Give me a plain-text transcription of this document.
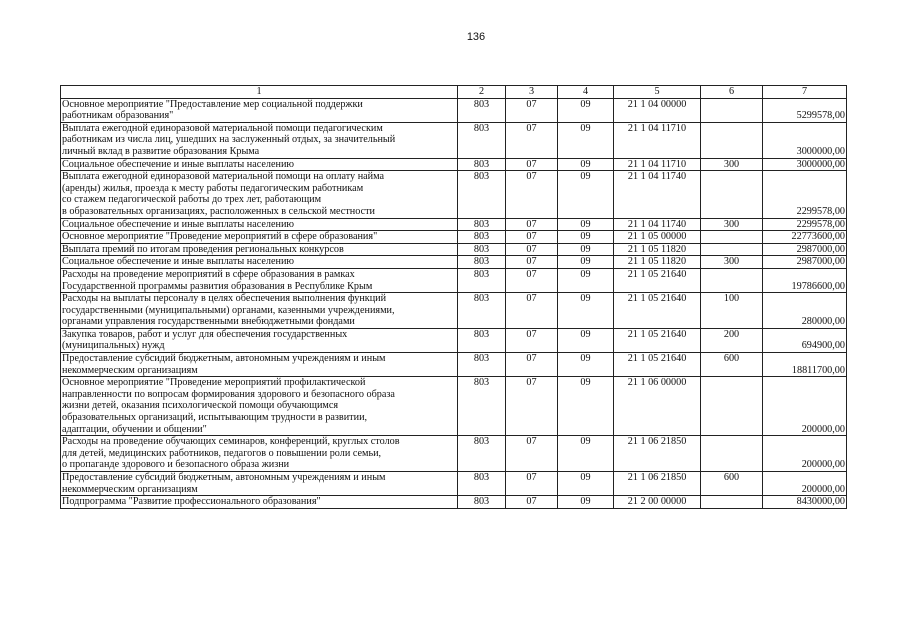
136
1	2	3	4	5	6	7

Основное мероприятие "Предоставление мер социальной поддержки
работникам образования"	803	07	09	21 1 04 00000		5299578,00

Выплата ежегодной единоразовой материальной помощи педагогическим
работникам из числа лиц, ушедших на заслуженный отдых, за значительный
личный вклад в развитие образования Крыма	803	07	09	21 1 04 11710		3000000,00

Социальное обеспечение и иные выплаты населению	803	07	09	21 1 04 11710	300	3000000,00

Выплата ежегодной единоразовой материальной помощи на оплату найма
(аренды) жилья, проезда к месту работы педагогическим работникам
со стажем педагогической работы до трех лет, работающим
в образовательных организациях, расположенных в сельской местности	803	07	09	21 1 04 11740		2299578,00

Социальное обеспечение и иные выплаты населению	803	07	09	21 1 04 11740	300	2299578,00

Основное мероприятие "Проведение мероприятий в сфере образования"	803	07	09	21 1 05 00000		22773600,00

Выплата премий по итогам проведения региональных конкурсов	803	07	09	21 1 05 11820		2987000,00

Социальное обеспечение и иные выплаты населению	803	07	09	21 1 05 11820	300	2987000,00

Расходы на проведение мероприятий в сфере образования в рамках
Государственной программы развития образования в Республике Крым	803	07	09	21 1 05 21640		19786600,00

Расходы на выплаты персоналу в целях обеспечения выполнения функций
государственными (муниципальными) органами, казенными учреждениями,
органами управления государственными внебюджетными фондами	803	07	09	21 1 05 21640	100	280000,00

Закупка товаров, работ и услуг для обеспечения государственных
(муниципальных) нужд	803	07	09	21 1 05 21640	200	694900,00

Предоставление субсидий бюджетным, автономным учреждениям и иным
некоммерческим организациям	803	07	09	21 1 05 21640	600	18811700,00

Основное мероприятие "Проведение мероприятий профилактической
направленности по вопросам формирования здорового и безопасного образа
жизни детей, оказания психологической помощи обучающимся
образовательных организаций, испытывающим трудности в развитии,
адаптации, обучении и общении"	803	07	09	21 1 06 00000		200000,00

Расходы на проведение обучающих семинаров, конференций, круглых столов
для детей, медицинских работников, педагогов о повышении роли семьи,
о пропаганде здорового и безопасного образа жизни	803	07	09	21 1 06 21850		200000,00

Предоставление субсидий бюджетным, автономным учреждениям и иным
некоммерческим организациям	803	07	09	21 1 06 21850	600	200000,00

Подпрограмма "Развитие профессионального образования"	803	07	09	21 2 00 00000		8430000,00
